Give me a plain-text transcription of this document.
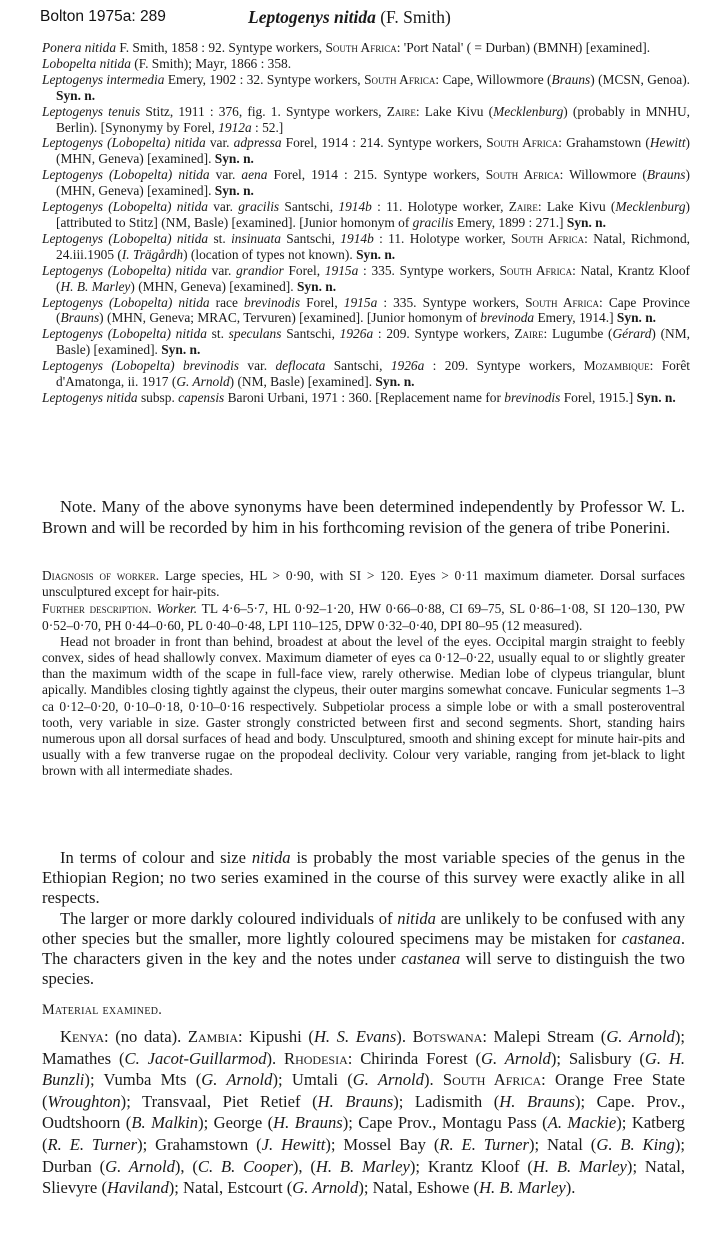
Bolton 1975a: 289	Leptogenys nitida (F. Smith)

Ponera nitida F. Smith, 1858 : 92. Syntype workers, South Africa: 'Port Natal' ( = Durban) (BMNH) [examined].

Lobopelta nitida (F. Smith); Mayr, 1866 : 358.

Leptogenys intermedia Emery, 1902 : 32. Syntype workers, South Africa: Cape, Willowmore (Brauns) (MCSN, Genoa). Syn. n.

Leptogenys tenuis Stitz, 1911 : 376, fig. 1. Syntype workers, Zaire: Lake Kivu (Mecklenburg) (probably in MNHU, Berlin). [Synonymy by Forel, 1912a : 52.]

Leptogenys (Lobopelta) nitida var. adpressa Forel, 1914 : 214. Syntype workers, South Africa: Grahamstown (Hewitt) (MHN, Geneva) [examined]. Syn. n.

Leptogenys (Lobopelta) nitida var. aena Forel, 1914 : 215. Syntype workers, South Africa: Willowmore (Brauns) (MHN, Geneva) [examined]. Syn. n.

Leptogenys (Lobopelta) nitida var. gracilis Santschi, 1914b : 11. Holotype worker, Zaire: Lake Kivu (Mecklenburg) [attributed to Stitz] (NM, Basle) [examined]. [Junior homonym of gracilis Emery, 1899 : 271.] Syn. n.

Leptogenys (Lobopelta) nitida st. insinuata Santschi, 1914b : 11. Holotype worker, South Africa: Natal, Richmond, 24.iii.1905 (I. Trägårdh) (location of types not known). Syn. n.

Leptogenys (Lobopelta) nitida var. grandior Forel, 1915a : 335. Syntype workers, South Africa: Natal, Krantz Kloof (H. B. Marley) (MHN, Geneva) [examined]. Syn. n.

Leptogenys (Lobopelta) nitida race brevinodis Forel, 1915a : 335. Syntype workers, South Africa: Cape Province (Brauns) (MHN, Geneva; MRAC, Tervuren) [examined]. [Junior homonym of brevinoda Emery, 1914.] Syn. n.

Leptogenys (Lobopelta) nitida st. speculans Santschi, 1926a : 209. Syntype workers, Zaire: Lugumbe (Gérard) (NM, Basle) [examined]. Syn. n.

Leptogenys (Lobopelta) brevinodis var. deflocata Santschi, 1926a : 209. Syntype workers, Mozambique: Forêt d'Amatonga, ii. 1917 (G. Arnold) (NM, Basle) [examined]. Syn. n.

Leptogenys nitida subsp. capensis Baroni Urbani, 1971 : 360. [Replacement name for brevinodis Forel, 1915.] Syn. n.

Note. Many of the above synonyms have been determined independently by Professor W. L. Brown and will be recorded by him in his forthcoming revision of the genera of tribe Ponerini.

Diagnosis of worker. Large species, HL > 0·90, with SI > 120. Eyes > 0·11 maximum diameter. Dorsal surfaces unsculptured except for hair-pits.

Further description. Worker. TL 4·6–5·7, HL 0·92–1·20, HW 0·66–0·88, CI 69–75, SL 0·86–1·08, SI 120–130, PW 0·52–0·70, PH 0·44–0·60, PL 0·40–0·48, LPI 110–125, DPW 0·32–0·40, DPI 80–95 (12 measured).

Head not broader in front than behind, broadest at about the level of the eyes. Occipital margin straight to feebly convex, sides of head shallowly convex. Maximum diameter of eyes ca 0·12–0·22, usually equal to or slightly greater than the maximum width of the scape in full-face view, rarely otherwise. Median lobe of clypeus triangular, blunt apically. Mandibles closing tightly against the clypeus, their outer margins somewhat concave. Funicular segments 1–3 ca 0·12–0·20, 0·10–0·18, 0·10–0·16 respectively. Subpetiolar process a simple lobe or with a small posteroventral tooth, very variable in size. Gaster strongly constricted between first and second segments. Short, standing hairs numerous upon all dorsal surfaces of head and body. Unsculptured, smooth and shining except for minute hair-pits and usually with a few tranverse rugae on the propodeal declivity. Colour very variable, ranging from jet-black to light brown with all intermediate shades.

In terms of colour and size nitida is probably the most variable species of the genus in the Ethiopian Region; no two series examined in the course of this survey were exactly alike in all respects.

The larger or more darkly coloured individuals of nitida are unlikely to be confused with any other species but the smaller, more lightly coloured specimens may be mistaken for castanea. The characters given in the key and the notes under castanea will serve to distinguish the two species.

Material examined.

Kenya: (no data). Zambia: Kipushi (H. S. Evans). Botswana: Malepi Stream (G. Arnold); Mamathes (C. Jacot-Guillarmod). Rhodesia: Chirinda Forest (G. Arnold); Salisbury (G. H. Bunzli); Vumba Mts (G. Arnold); Umtali (G. Arnold). South Africa: Orange Free State (Wroughton); Transvaal, Piet Retief (H. Brauns); Ladismith (H. Brauns); Cape. Prov., Oudtshoorn (B. Malkin); George (H. Brauns); Cape Prov., Montagu Pass (A. Mackie); Katberg (R. E. Turner); Grahamstown (J. Hewitt); Mossel Bay (R. E. Turner); Natal (G. B. King); Durban (G. Arnold), (C. B. Cooper), (H. B. Marley); Krantz Kloof (H. B. Marley); Natal, Slievyre (Haviland); Natal, Estcourt (G. Arnold); Natal, Eshowe (H. B. Marley).
